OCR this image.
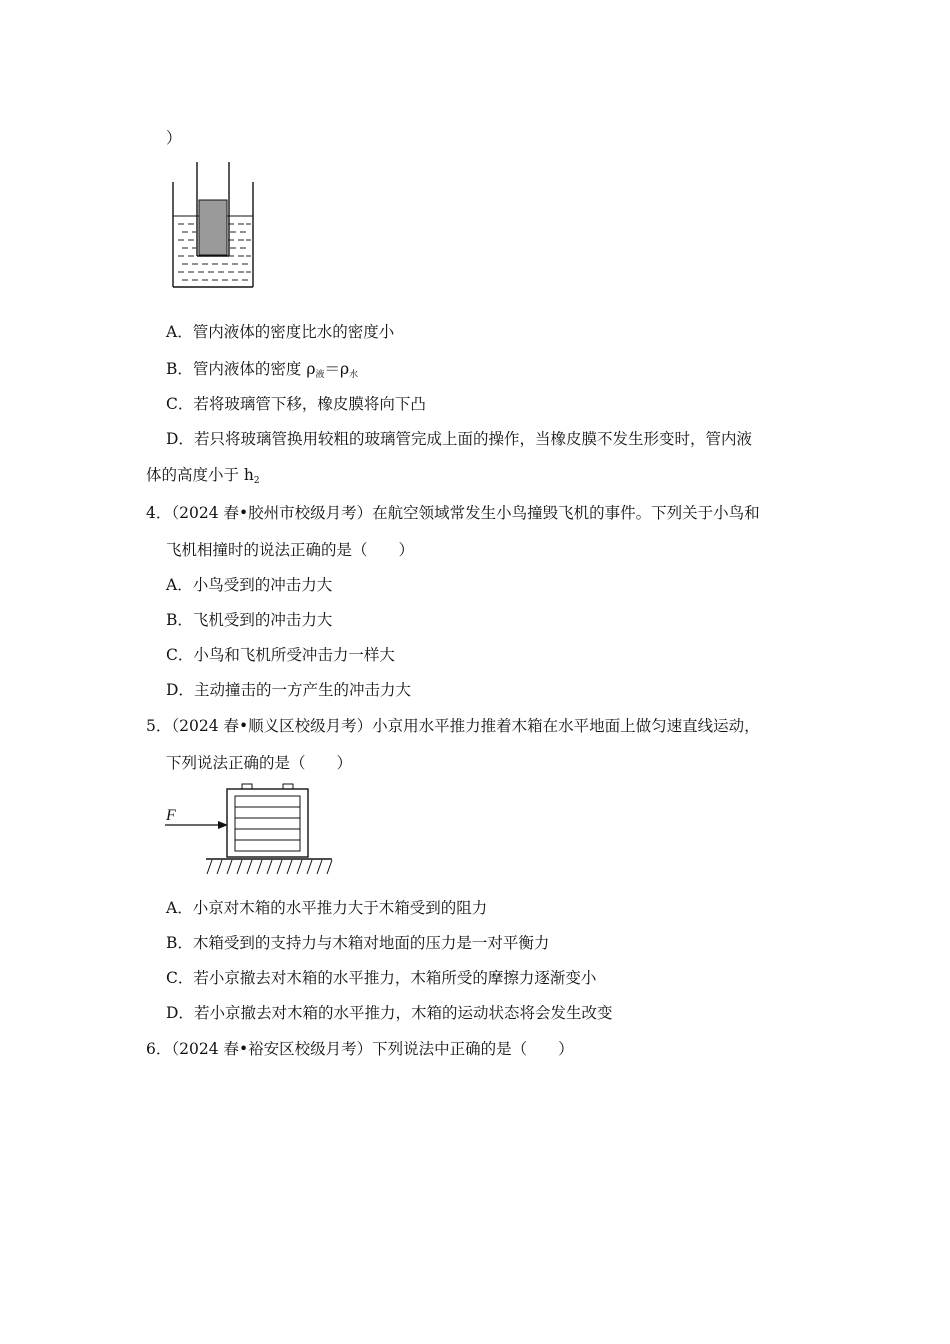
）
A．管内液体的密度比水的密度小
B．管内液体的密度 $\rho_液=\rho_水$
C．若将玻璃管下移，橡皮膜将向下凸
D．若只将玻璃管换用较粗的玻璃管完成上面的操作，当橡皮膜不发生形变时，管内液
体的高度小于 $h_2$
4．（2024 春•胶州市校级月考）在航空领域常发生小鸟撞毁飞机的事件。下列关于小鸟和
飞机相撞时的说法正确的是（　　）
A．小鸟受到的冲击力大
B．飞机受到的冲击力大
C．小鸟和飞机所受冲击力一样大
D．主动撞击的一方产生的冲击力大
5．（2024 春•顺义区校级月考）小京用水平推力推着木箱在水平地面上做匀速直线运动，
下列说法正确的是（　　）
F
A．小京对木箱的水平推力大于木箱受到的阻力
B．木箱受到的支持力与木箱对地面的压力是一对平衡力
C．若小京撤去对木箱的水平推力，木箱所受的摩擦力逐渐变小
D．若小京撤去对木箱的水平推力，木箱的运动状态将会发生改变
6．（2024 春•裕安区校级月考）下列说法中正确的是（　　）
